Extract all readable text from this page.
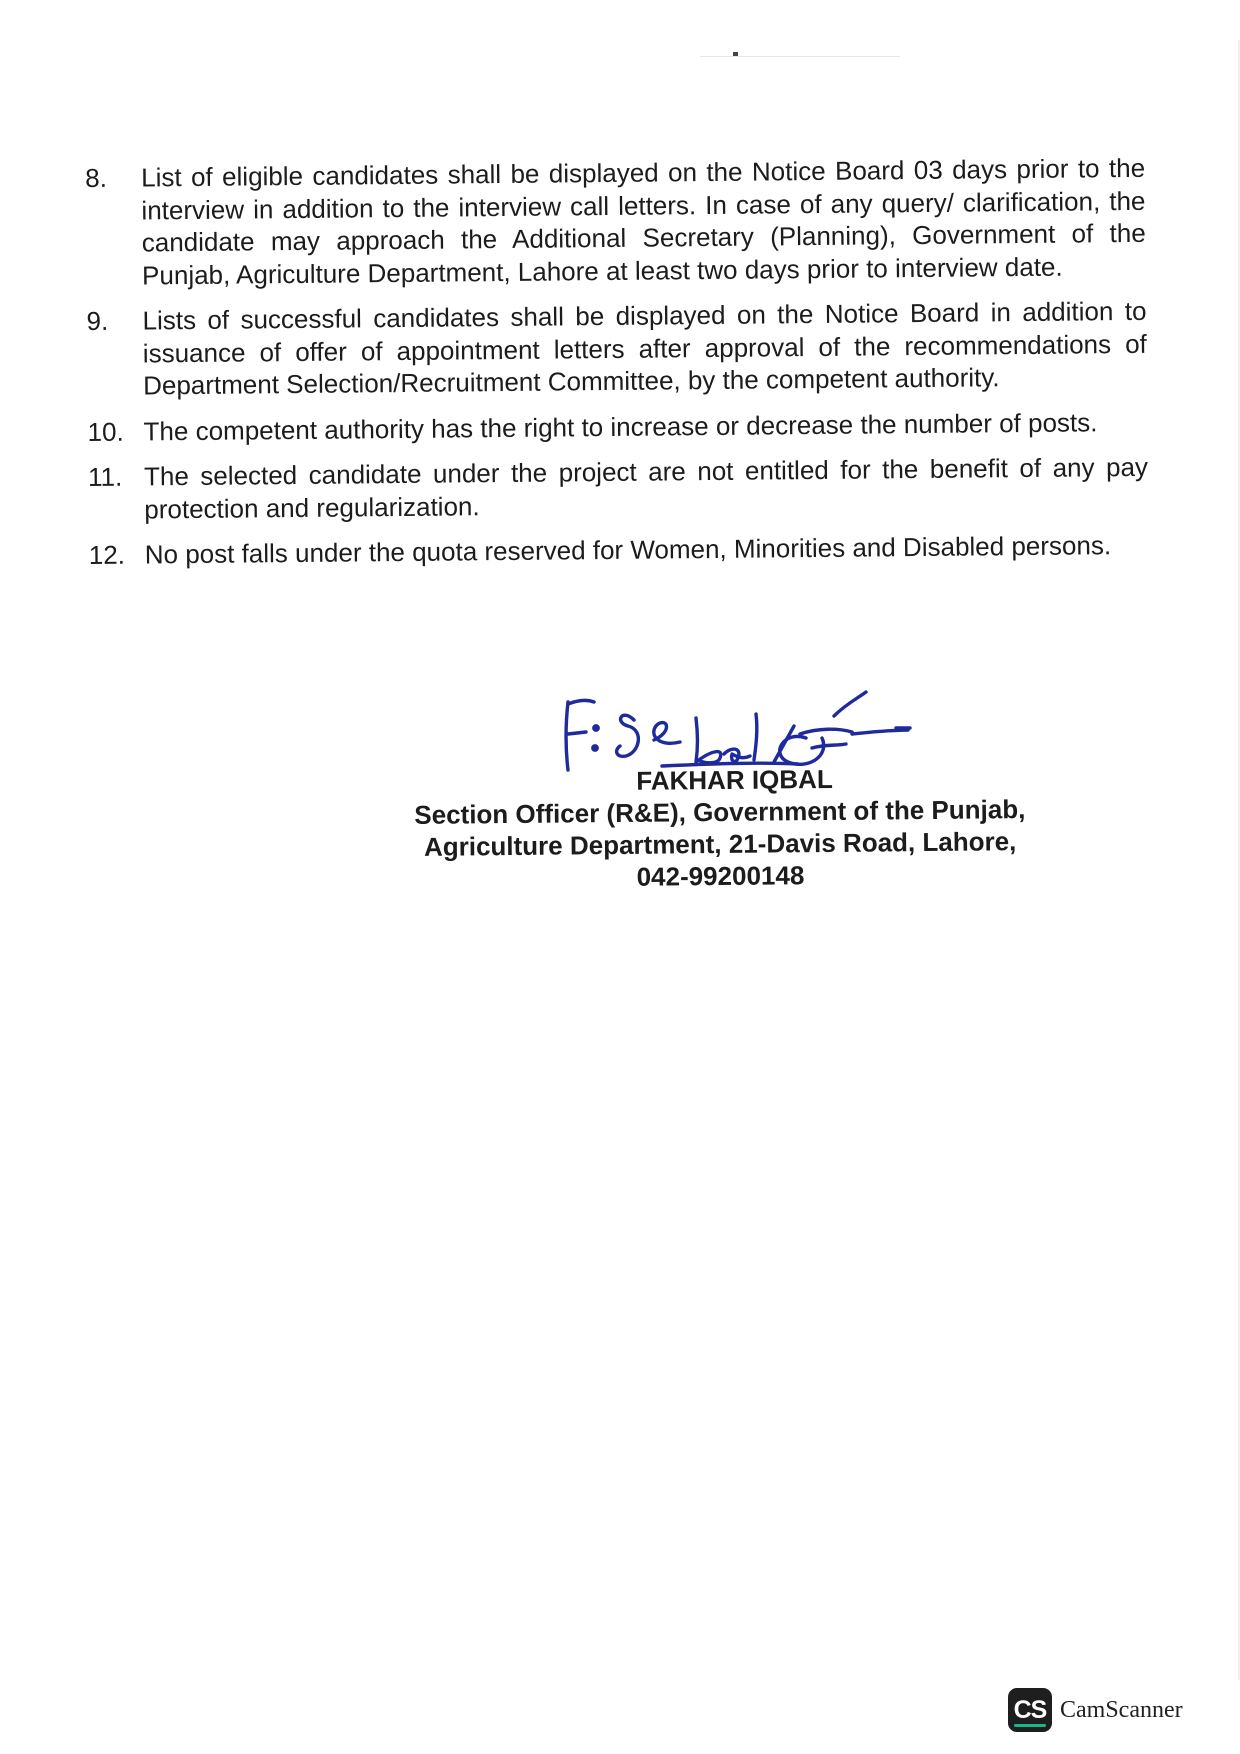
8. List of eligible candidates shall be displayed on the Notice Board 03 days prior to the interview in addition to the interview call letters. In case of any query/ clarification, the candidate may approach the Additional Secretary (Planning), Government of the Punjab, Agriculture Department, Lahore at least two days prior to interview date.
9. Lists of successful candidates shall be displayed on the Notice Board in addition to issuance of offer of appointment letters after approval of the recommendations of Department Selection/Recruitment Committee, by the competent authority.
10. The competent authority has the right to increase or decrease the number of posts.
11. The selected candidate under the project are not entitled for the benefit of any pay protection and regularization.
12. No post falls under the quota reserved for Women, Minorities and Disabled persons.
FAKHAR IQBAL
Section Officer (R&E), Government of the Punjab,
Agriculture Department, 21-Davis Road, Lahore,
042-99200148
CS CamScanner
